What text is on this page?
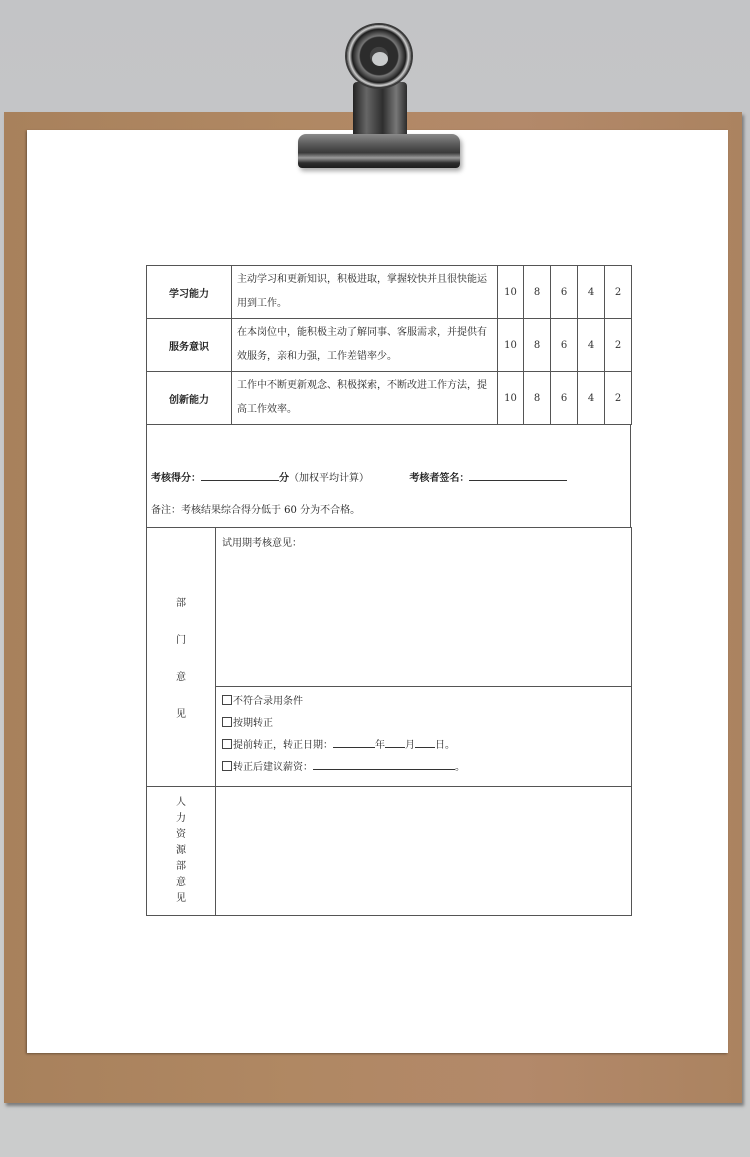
学习能力	主动学习和更新知识，积极进取，掌握较快并且很快能运用到工作。	10	8	6	4	2
服务意识	在本岗位中，能积极主动了解同事、客服需求，并提供有效服务，亲和力强，工作差错率少。	10	8	6	4	2
创新能力	工作中不断更新观念、积极探索，不断改进工作方法，提高工作效率。	10	8	6	4	2
考核得分：	分（加权平均计算）	考核者签名：
备注：考核结果综合得分低于 60 分为不合格。
部
门
意
见
	试用期考核意见：

不符合录用条件
按期转正
提前转正，转正日期：	年 月 日。
转正后建议薪资：	。
人
力
资
源
部
意
见
